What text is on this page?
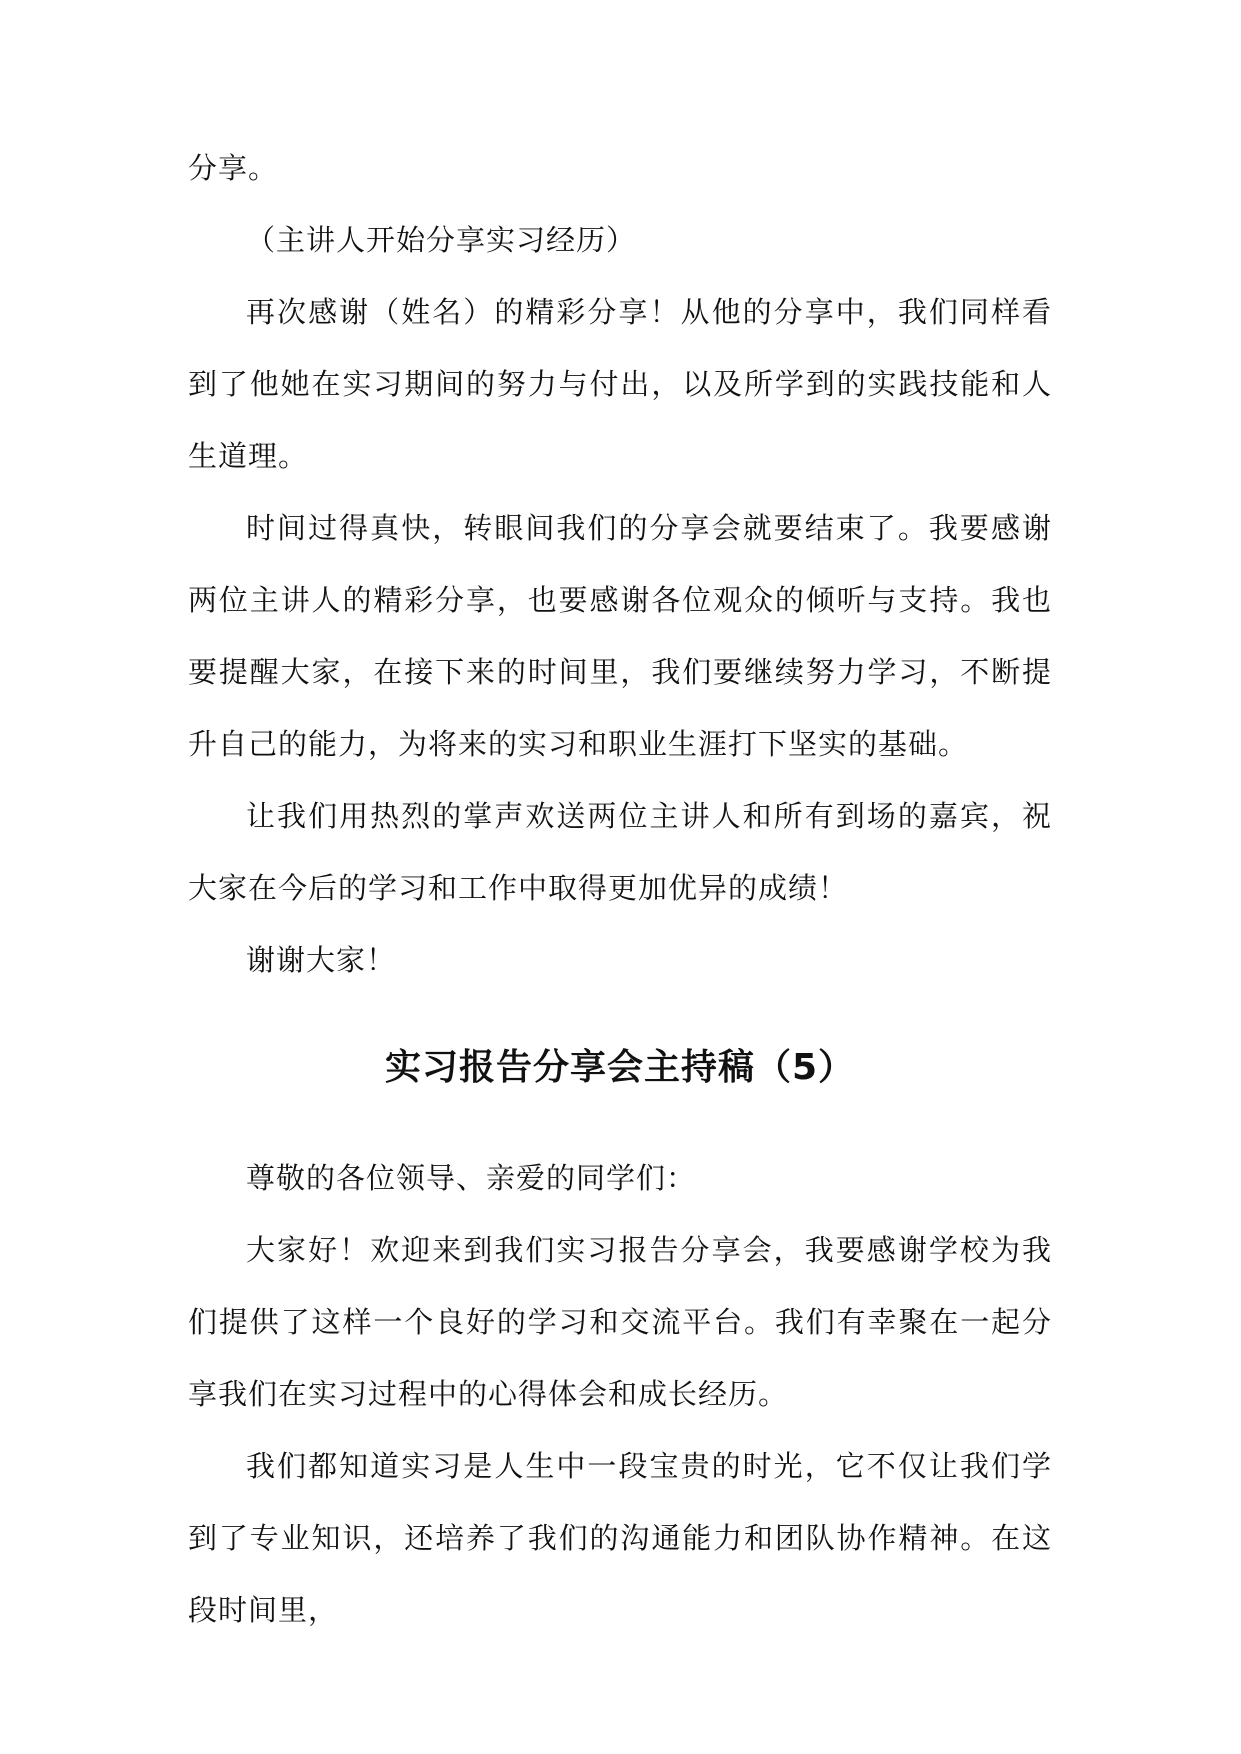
分享。

（主讲人开始分享实习经历）

再次感谢（姓名）的精彩分享！从他的分享中，我们同样看到了他她在实习期间的努力与付出，以及所学到的实践技能和人生道理。

时间过得真快，转眼间我们的分享会就要结束了。我要感谢两位主讲人的精彩分享，也要感谢各位观众的倾听与支持。我也要提醒大家，在接下来的时间里，我们要继续努力学习，不断提升自己的能力，为将来的实习和职业生涯打下坚实的基础。

让我们用热烈的掌声欢送两位主讲人和所有到场的嘉宾，祝大家在今后的学习和工作中取得更加优异的成绩！

谢谢大家！

实习报告分享会主持稿（5）

尊敬的各位领导、亲爱的同学们：

大家好！欢迎来到我们实习报告分享会，我要感谢学校为我们提供了这样一个良好的学习和交流平台。我们有幸聚在一起分享我们在实习过程中的心得体会和成长经历。

我们都知道实习是人生中一段宝贵的时光，它不仅让我们学到了专业知识，还培养了我们的沟通能力和团队协作精神。在这段时间里，
